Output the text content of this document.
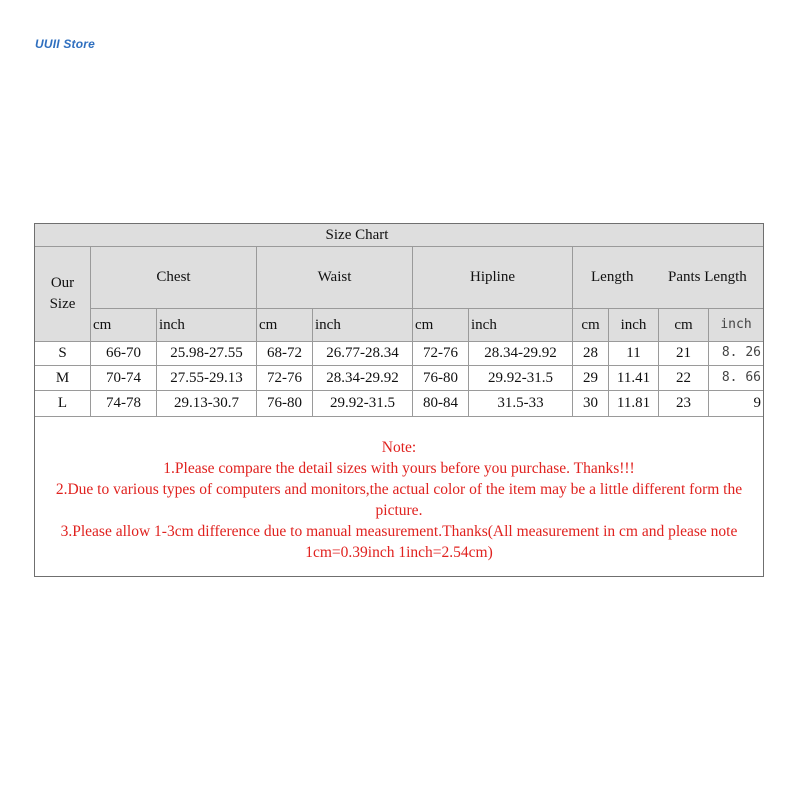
UUII Store
Size Chart
Our Size
Chest	Waist	Hipline	Length Pants Length
cm	inch	cm	inch	cm	inch	cm	inch	cm	inch
S	66-70	25.98-27.55	68-72	26.77-28.34	72-76	28.34-29.92	28	11	21	8. 26
M	70-74	27.55-29.13	72-76	28.34-29.92	76-80	29.92-31.5	29	11.41	22	8. 66
L	74-78	29.13-30.7	76-80	29.92-31.5	80-84	31.5-33	30	11.81	23	9
Note:
1.Please compare the detail sizes with yours before you purchase. Thanks!!!
2.Due to various types of computers and monitors,the actual color of the item may be a little different form the picture.
3.Please allow 1-3cm difference due to manual measurement.Thanks(All measurement in cm and please note 1cm=0.39inch 1inch=2.54cm)
